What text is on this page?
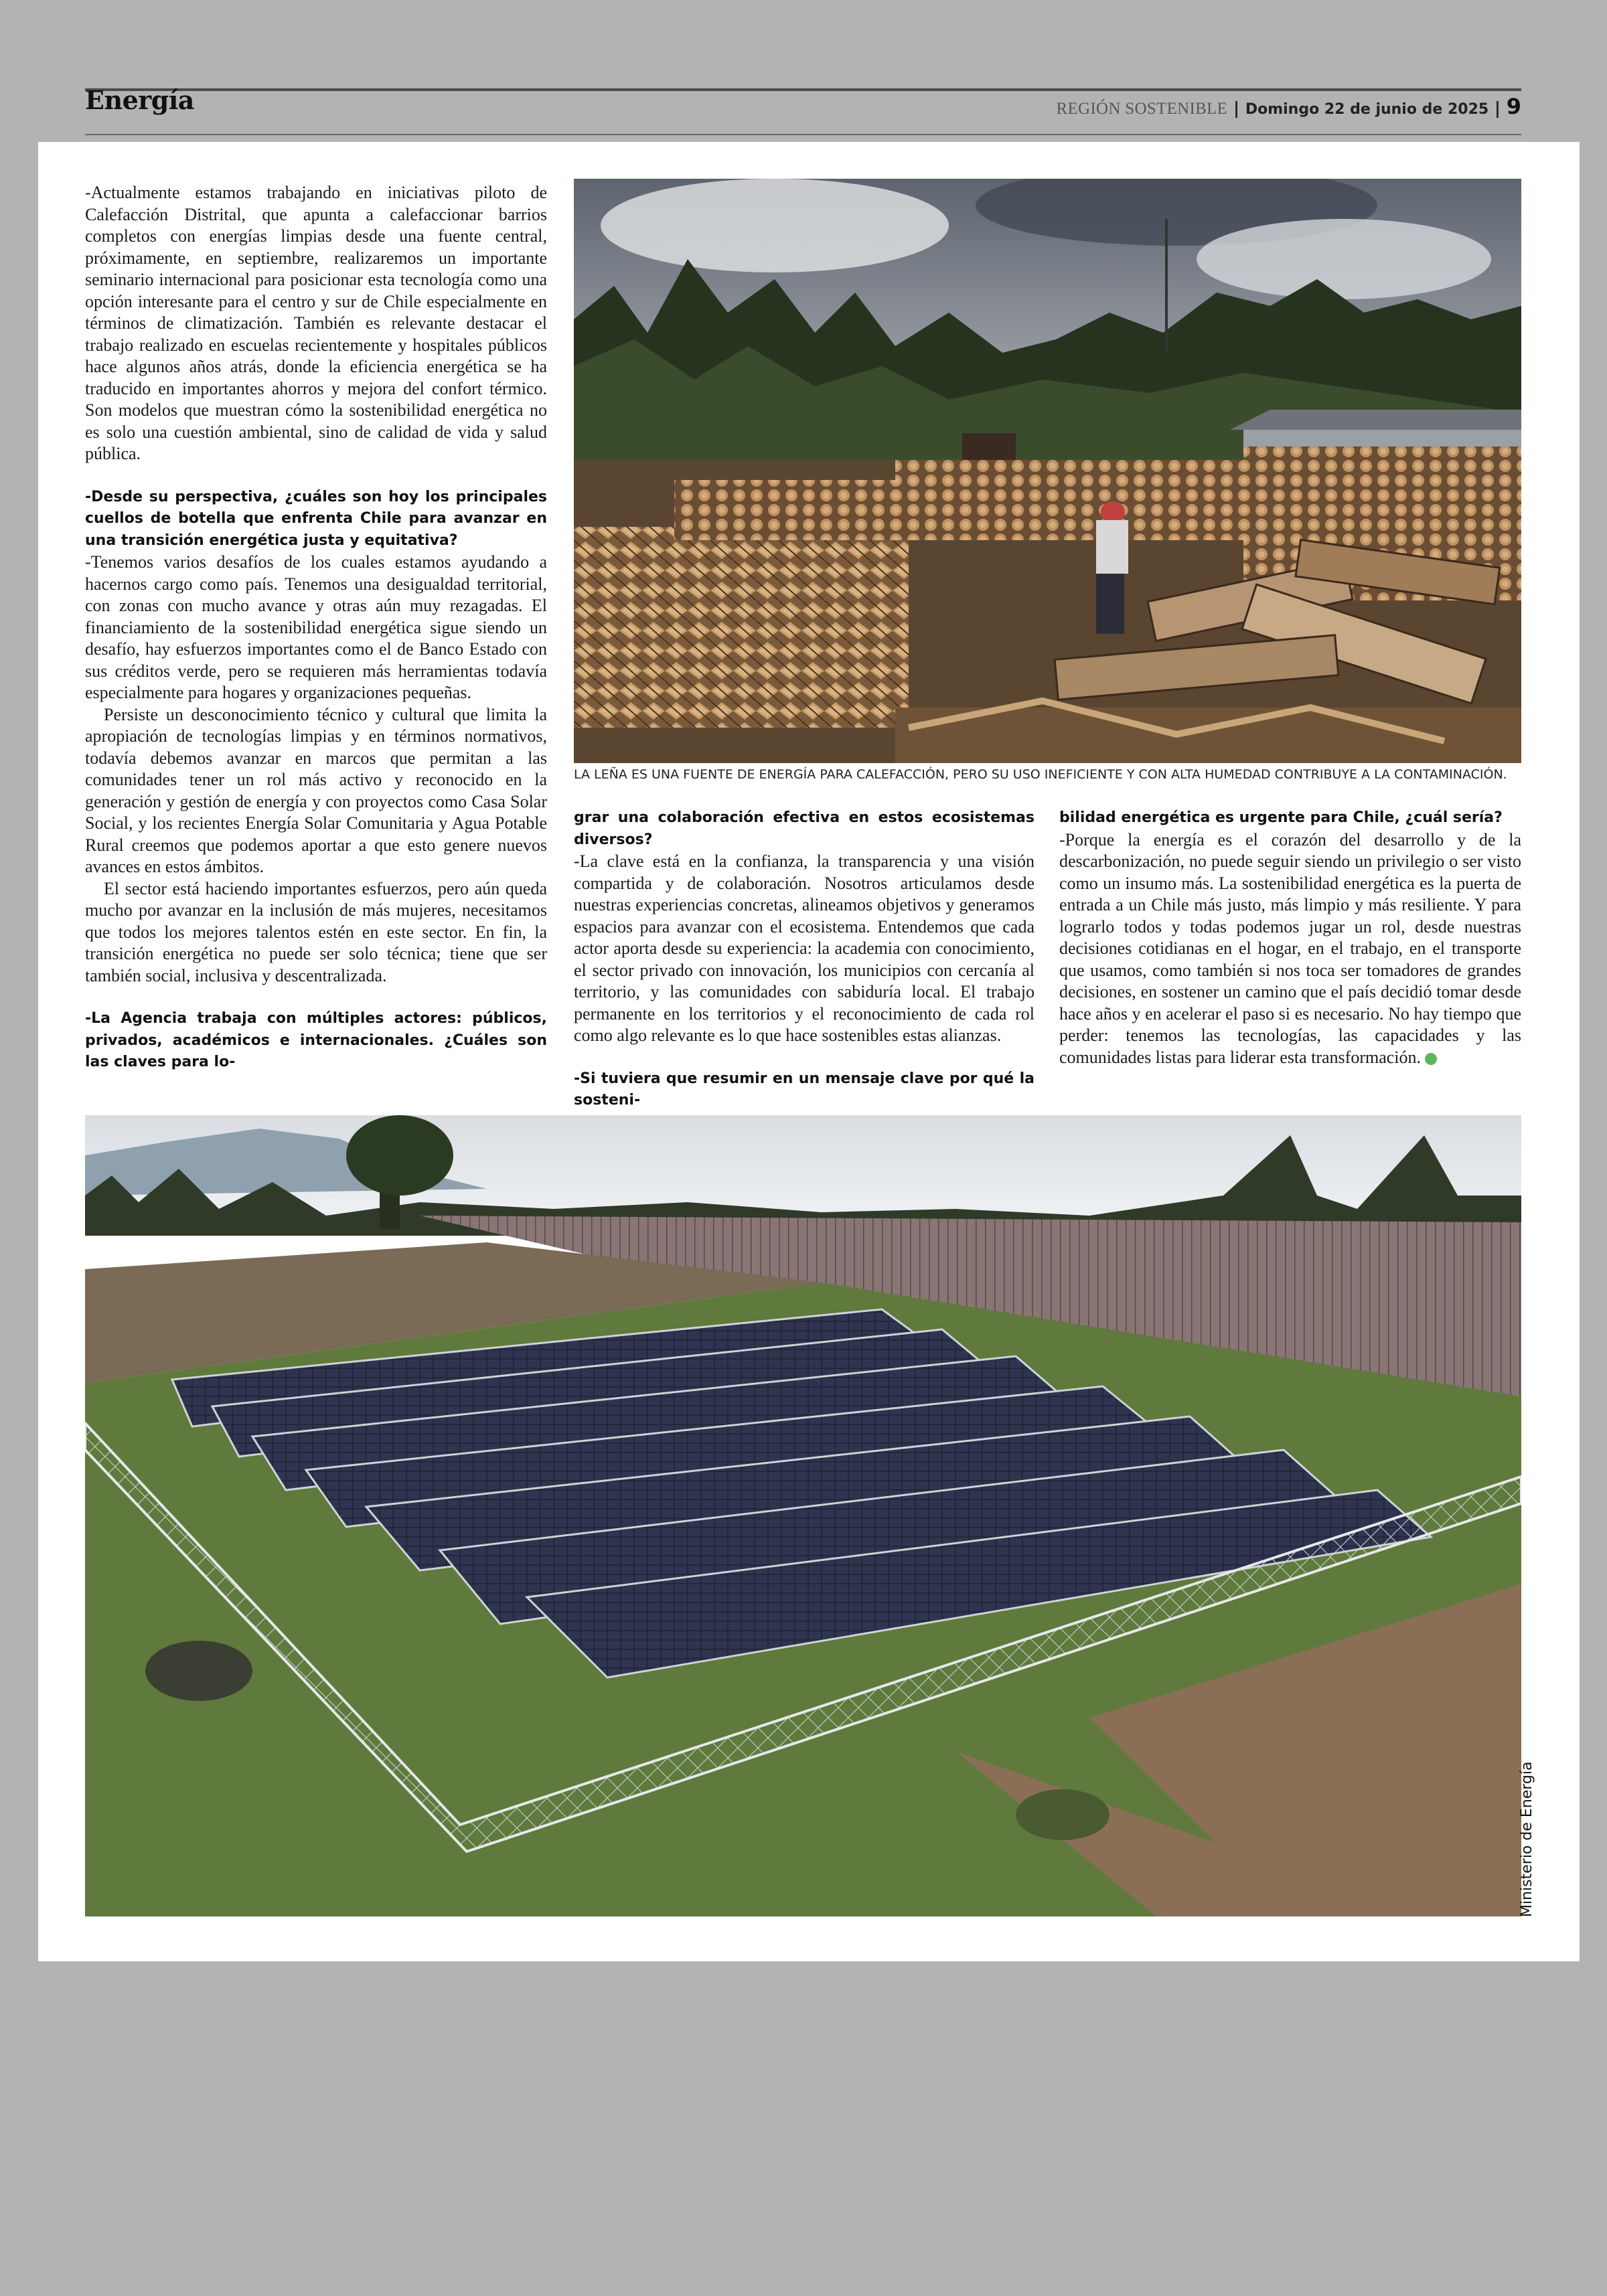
Energía	REGIÓN SOSTENIBLE | Domingo 22 de junio de 2025 | 9

-Actualmente estamos trabajando en iniciativas piloto de Calefacción Distrital, que apunta a calefaccionar barrios completos con energías limpias desde una fuente central, próximamente, en septiembre, realizaremos un importante seminario internacional para posicionar esta tecnología como una opción interesante para el centro y sur de Chile especialmente en términos de climatización. También es relevante destacar el trabajo realizado en escuelas recientemente y hospitales públicos hace algunos años atrás, donde la eficiencia energética se ha traducido en importantes ahorros y mejora del confort térmico. Son modelos que muestran cómo la sostenibilidad energética no es solo una cuestión ambiental, sino de calidad de vida y salud pública.

-Desde su perspectiva, ¿cuáles son hoy los principales cuellos de botella que enfrenta Chile para avanzar en una transición energética justa y equitativa?

-Tenemos varios desafíos de los cuales estamos ayudando a hacernos cargo como país. Tenemos una desigualdad territorial, con zonas con mucho avance y otras aún muy rezagadas. El financiamiento de la sostenibilidad energética sigue siendo un desafío, hay esfuerzos importantes como el de Banco Estado con sus créditos verde, pero se requieren más herramientas todavía especialmente para hogares y organizaciones pequeñas.

Persiste un desconocimiento técnico y cultural que limita la apropiación de tecnologías limpias y en términos normativos, todavía debemos avanzar en marcos que permitan a las comunidades tener un rol más activo y reconocido en la generación y gestión de energía y con proyectos como Casa Solar Social, y los recientes Energía Solar Comunitaria y Agua Potable Rural creemos que podemos aportar a que esto genere nuevos avances en estos ámbitos.

El sector está haciendo importantes esfuerzos, pero aún queda mucho por avanzar en la inclusión de más mujeres, necesitamos que todos los mejores talentos estén en este sector. En fin, la transición energética no puede ser solo técnica; tiene que ser también social, inclusiva y descentralizada.

-La Agencia trabaja con múltiples actores: públicos, privados, académicos e internacionales. ¿Cuáles son las claves para lo-

grar una colaboración efectiva en estos ecosistemas diversos?

-La clave está en la confianza, la transparencia y una visión compartida y de colaboración. Nosotros articulamos desde nuestras experiencias concretas, alineamos objetivos y generamos espacios para avanzar con el ecosistema. Entendemos que cada actor aporta desde su experiencia: la academia con conocimiento, el sector privado con innovación, los municipios con cercanía al territorio, y las comunidades con sabiduría local. El trabajo permanente en los territorios y el reconocimiento de cada rol como algo relevante es lo que hace sostenibles estas alianzas.

-Si tuviera que resumir en un mensaje clave por qué la sosteni-

bilidad energética es urgente para Chile, ¿cuál sería?

-Porque la energía es el corazón del desarrollo y de la descarbonización, no puede seguir siendo un privilegio o ser visto como un insumo más. La sostenibilidad energética es la puerta de entrada a un Chile más justo, más limpio y más resiliente. Y para lograrlo todos y todas podemos jugar un rol, desde nuestras decisiones cotidianas en el hogar, en el trabajo, en el transporte que usamos, como también si nos toca ser tomadores de grandes decisiones, en sostener un camino que el país decidió tomar desde hace años y en acelerar el paso si es necesario. No hay tiempo que perder: tenemos las tecnologías, las capacidades y las comunidades listas para liderar esta transformación.

LA LEÑA ES UNA FUENTE DE ENERGÍA PARA CALEFACCIÓN, PERO SU USO INEFICIENTE Y CON ALTA HUMEDAD CONTRIBUYE A LA CONTAMINACIÓN.
Ministerio de Energía
